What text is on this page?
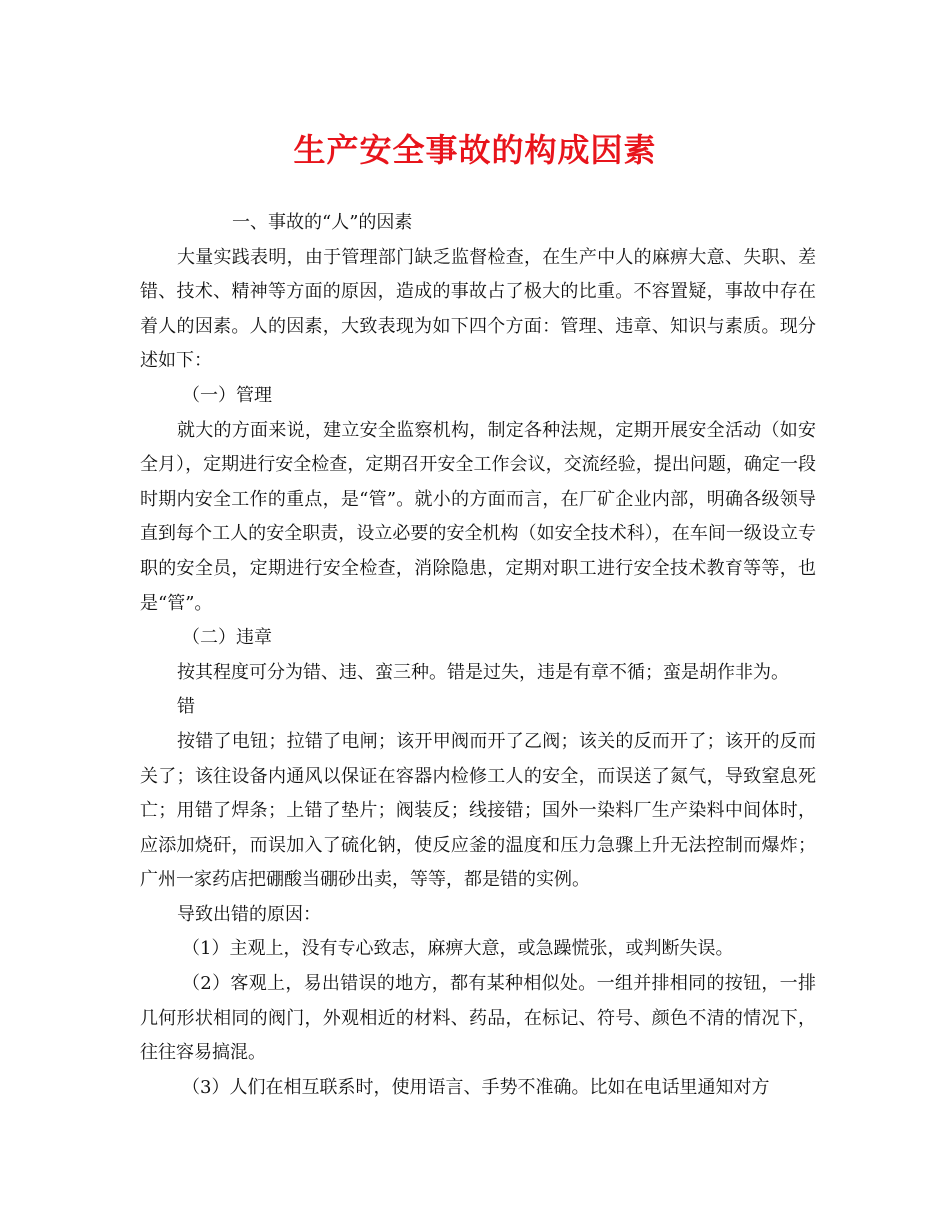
生产安全事故的构成因素

一、事故的“人”的因素

大量实践表明，由于管理部门缺乏监督检查，在生产中人的麻痹大意、失职、差错、技术、精神等方面的原因，造成的事故占了极大的比重。不容置疑，事故中存在着人的因素。人的因素，大致表现为如下四个方面：管理、违章、知识与素质。现分述如下：

（一）管理

就大的方面来说，建立安全监察机构，制定各种法规，定期开展安全活动（如安全月），定期进行安全检查，定期召开安全工作会议，交流经验，提出问题，确定一段时期内安全工作的重点，是“管”。就小的方面而言，在厂矿企业内部，明确各级领导直到每个工人的安全职责，设立必要的安全机构（如安全技术科），在车间一级设立专职的安全员，定期进行安全检查，消除隐患，定期对职工进行安全技术教育等等，也是“管”。

（二）违章

按其程度可分为错、违、蛮三种。错是过失，违是有章不循；蛮是胡作非为。

错

按错了电钮；拉错了电闸；该开甲阀而开了乙阀；该关的反而开了；该开的反而关了；该往设备内通风以保证在容器内检修工人的安全，而误送了氮气，导致窒息死亡；用错了焊条；上错了垫片；阀装反；线接错；国外一染料厂生产染料中间体时，应添加烧矸，而误加入了硫化钠，使反应釜的温度和压力急骤上升无法控制而爆炸；广州一家药店把硼酸当硼砂出卖，等等，都是错的实例。

导致出错的原因：

（1）主观上，没有专心致志，麻痹大意，或急躁慌张，或判断失误。

（2）客观上，易出错误的地方，都有某种相似处。一组并排相同的按钮，一排几何形状相同的阀门，外观相近的材料、药品，在标记、符号、颜色不清的情况下，往往容易搞混。

（3）人们在相互联系时，使用语言、手势不准确。比如在电话里通知对方
